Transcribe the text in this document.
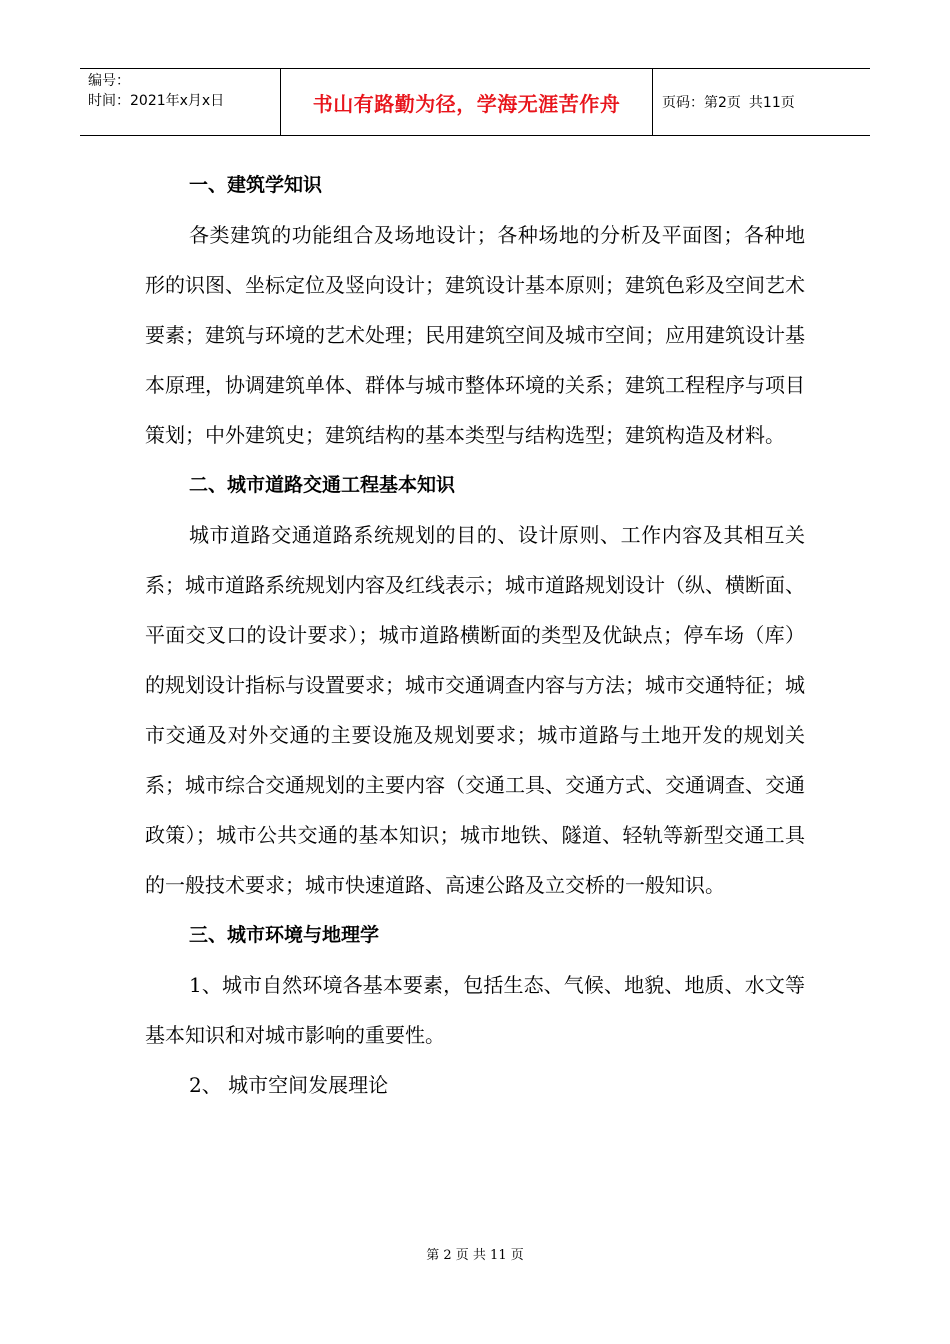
编号：
时间：2021年x月x日	书山有路勤为径，学海无涯苦作舟	页码：第2页 共11页

一、建筑学知识

各类建筑的功能组合及场地设计；各种场地的分析及平面图；各种地形的识图、坐标定位及竖向设计；建筑设计基本原则；建筑色彩及空间艺术要素；建筑与环境的艺术处理；民用建筑空间及城市空间；应用建筑设计基本原理，协调建筑单体、群体与城市整体环境的关系；建筑工程程序与项目策划；中外建筑史；建筑结构的基本类型与结构选型；建筑构造及材料。

二、城市道路交通工程基本知识

城市道路交通道路系统规划的目的、设计原则、工作内容及其相互关系；城市道路系统规划内容及红线表示；城市道路规划设计（纵、横断面、平面交叉口的设计要求）；城市道路横断面的类型及优缺点；停车场（库）的规划设计指标与设置要求；城市交通调查内容与方法；城市交通特征；城市交通及对外交通的主要设施及规划要求；城市道路与土地开发的规划关系；城市综合交通规划的主要内容（交通工具、交通方式、交通调查、交通政策）；城市公共交通的基本知识；城市地铁、隧道、轻轨等新型交通工具的一般技术要求；城市快速道路、高速公路及立交桥的一般知识。

三、城市环境与地理学

1、城市自然环境各基本要素，包括生态、气候、地貌、地质、水文等基本知识和对城市影响的重要性。

2、 城市空间发展理论

第 2 页 共 11 页
